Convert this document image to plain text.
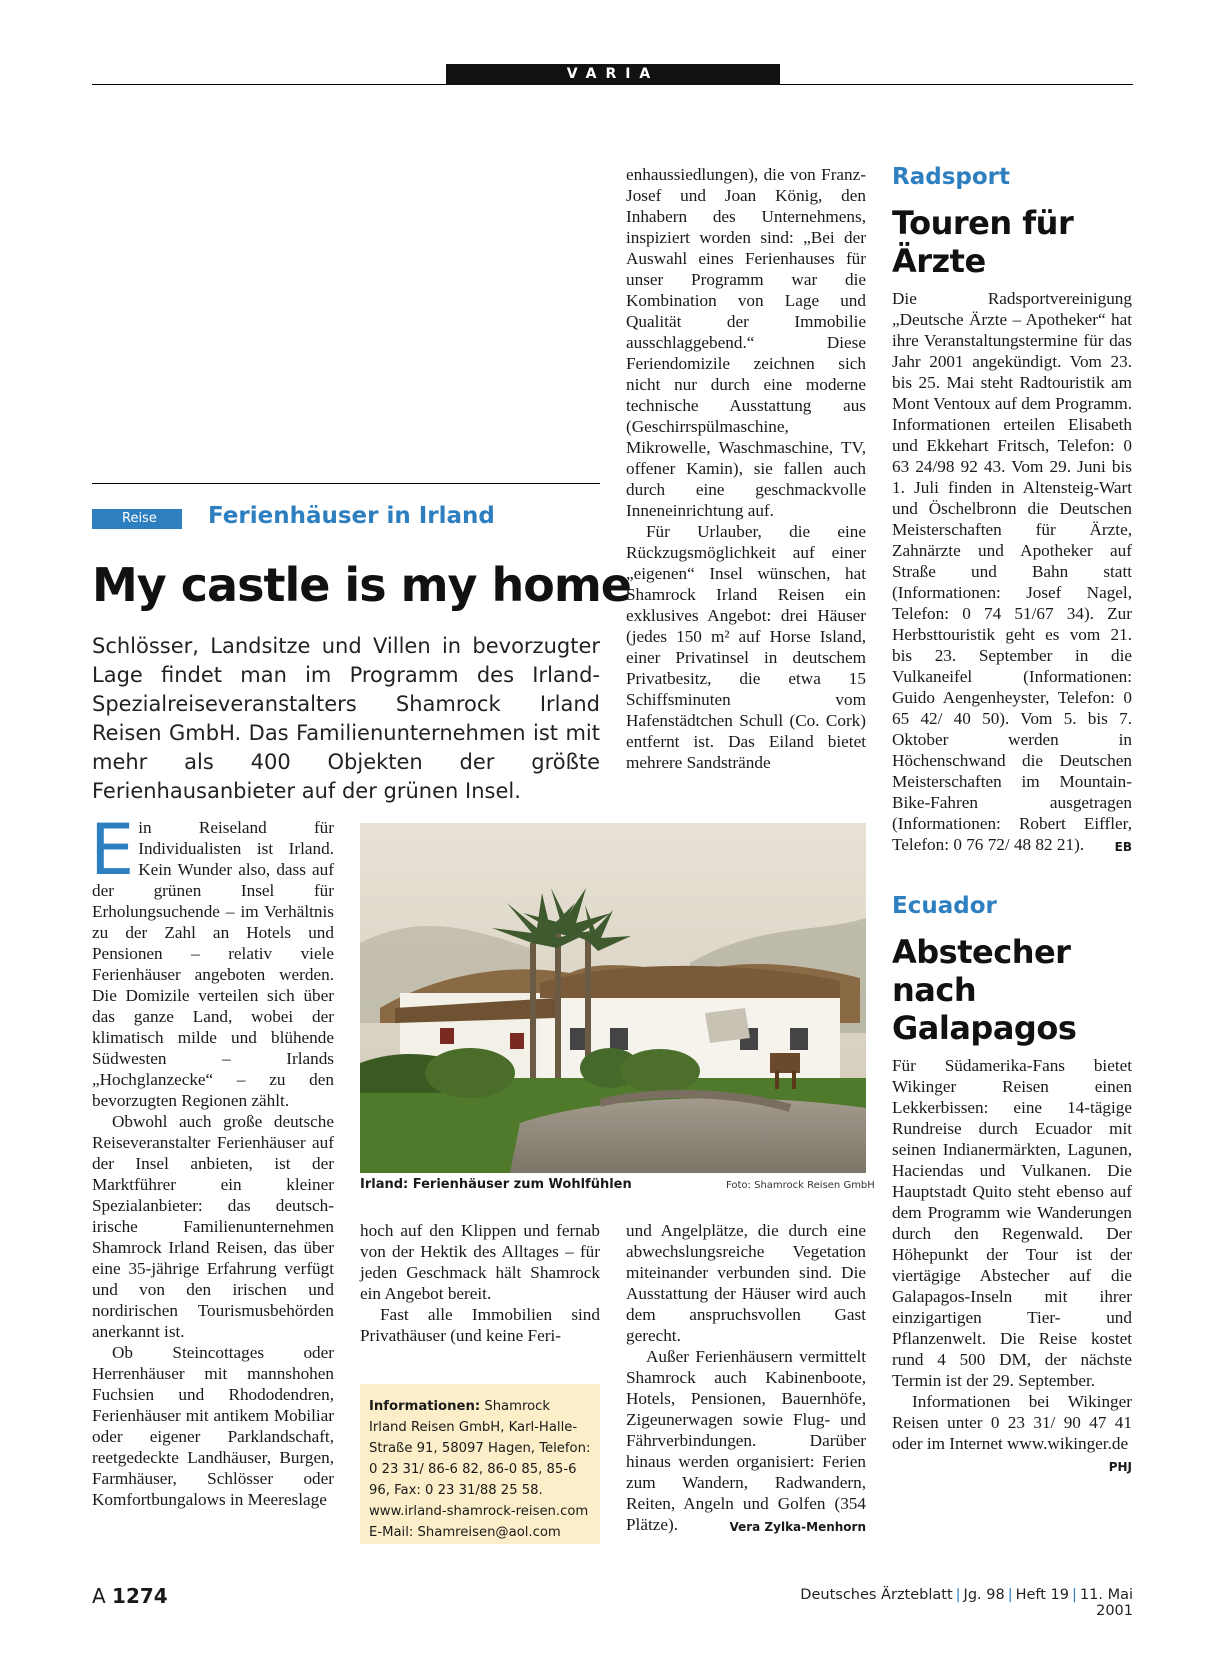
VARIA
Reise	Ferienhäuser in Irland
My castle is my home
Schlösser, Landsitze und Villen in bevorzugter Lage findet man im Programm des Irland-Spezialreiseveranstalters Shamrock Irland Reisen GmbH. Das Familienunternehmen ist mit mehr als 400 Objekten der größte Ferienhausanbieter auf der grünen Insel.

Ein Reiseland für Individualisten ist Irland. Kein Wunder also, dass auf der grünen Insel für Erholungsuchende – im Verhältnis zu der Zahl an Hotels und Pensionen – relativ viele Ferienhäuser angeboten werden. Die Domizile verteilen sich über das ganze Land, wobei der klimatisch milde und blühende Südwesten – Irlands „Hochglanzecke“ – zu den bevorzugten Regionen zählt.

Obwohl auch große deutsche Reiseveranstalter Ferienhäuser auf der Insel anbieten, ist der Marktführer ein kleiner Spezialanbieter: das deutsch-irische Familienunternehmen Shamrock Irland Reisen, das über eine 35-jährige Erfahrung verfügt und von den irischen und nordirischen Tourismusbehörden anerkannt ist.

Ob Steincottages oder Herrenhäuser mit mannshohen Fuchsien und Rhododendren, Ferienhäuser mit antikem Mobiliar oder eigener Parklandschaft, reetgedeckte Landhäuser, Burgen, Farmhäuser, Schlösser oder Komfortbungalows in Meereslage

Irland: Ferienhäuser zum Wohlfühlen	Foto: Shamrock Reisen GmbH

hoch auf den Klippen und fernab von der Hektik des Alltages – für jeden Geschmack hält Shamrock ein Angebot bereit.

Fast alle Immobilien sind Privathäuser (und keine Feri-

Informationen: Shamrock Irland Reisen GmbH, Karl-Halle-Straße 91, 58097 Hagen, Telefon: 0 23 31/ 86-6 82, 86-0 85, 85-6 96, Fax: 0 23 31/88 25 58.
www.irland-shamrock-reisen.com
E-Mail: Shamreisen@aol.com

enhaussiedlungen), die von Franz-Josef und Joan König, den Inhabern des Unternehmens, inspiziert worden sind: „Bei der Auswahl eines Ferienhauses für unser Programm war die Kombination von Lage und Qualität der Immobilie ausschlaggebend.“ Diese Feriendomizile zeichnen sich nicht nur durch eine moderne technische Ausstattung aus (Geschirrspülmaschine, Mikrowelle, Waschmaschine, TV, offener Kamin), sie fallen auch durch eine geschmackvolle Inneneinrichtung auf.

Für Urlauber, die eine Rückzugsmöglichkeit auf einer „eigenen“ Insel wünschen, hat Shamrock Irland Reisen ein exklusives Angebot: drei Häuser (jedes 150 m² auf Horse Island, einer Privatinsel in deutschem Privatbesitz, die etwa 15 Schiffsminuten vom Hafenstädtchen Schull (Co. Cork) entfernt ist. Das Eiland bietet mehrere Sandstrände

und Angelplätze, die durch eine abwechslungsreiche Vegetation miteinander verbunden sind. Die Ausstattung der Häuser wird auch dem anspruchsvollen Gast gerecht.

Außer Ferienhäusern vermittelt Shamrock auch Kabinenboote, Hotels, Pensionen, Bauernhöfe, Zigeunerwagen sowie Flug- und Fährverbindungen. Darüber hinaus werden organisiert: Ferien zum Wandern, Radwandern, Reiten, Angeln und Golfen (354 Plätze).	Vera Zylka-Menhorn

Radsport
Touren für Ärzte

Die Radsportvereinigung „Deutsche Ärzte – Apotheker“ hat ihre Veranstaltungstermine für das Jahr 2001 angekündigt. Vom 23. bis 25. Mai steht Radtouristik am Mont Ventoux auf dem Programm. Informationen erteilen Elisabeth und Ekkehart Fritsch, Telefon: 0 63 24/98 92 43. Vom 29. Juni bis 1. Juli finden in Altensteig-Wart und Öschelbronn die Deutschen Meisterschaften für Ärzte, Zahnärzte und Apotheker auf Straße und Bahn statt (Informationen: Josef Nagel, Telefon: 0 74 51/67 34). Zur Herbsttouristik geht es vom 21. bis 23. September in die Vulkaneifel (Informationen: Guido Aengenheyster, Telefon: 0 65 42/ 40 50). Vom 5. bis 7. Oktober werden in Höchenschwand die Deutschen Meisterschaften im Mountain-Bike-Fahren ausgetragen (Informationen: Robert Eiffler, Telefon: 0 76 72/ 48 82 21).	EB

Ecuador
Abstecher nach Galapagos

Für Südamerika-Fans bietet Wikinger Reisen einen Lekkerbissen: eine 14-tägige Rundreise durch Ecuador mit seinen Indianermärkten, Lagunen, Haciendas und Vulkanen. Die Hauptstadt Quito steht ebenso auf dem Programm wie Wanderungen durch den Regenwald. Der Höhepunkt der Tour ist der viertägige Abstecher auf die Galapagos-Inseln mit ihrer einzigartigen Tier- und Pflanzenwelt. Die Reise kostet rund 4 500 DM, der nächste Termin ist der 29. September.

Informationen bei Wikinger Reisen unter 0 23 31/ 90 47 41 oder im Internet www.wikinger.de
PHJ

A 1274	Deutsches Ärzteblatt | Jg. 98 | Heft 19 | 11. Mai 2001
